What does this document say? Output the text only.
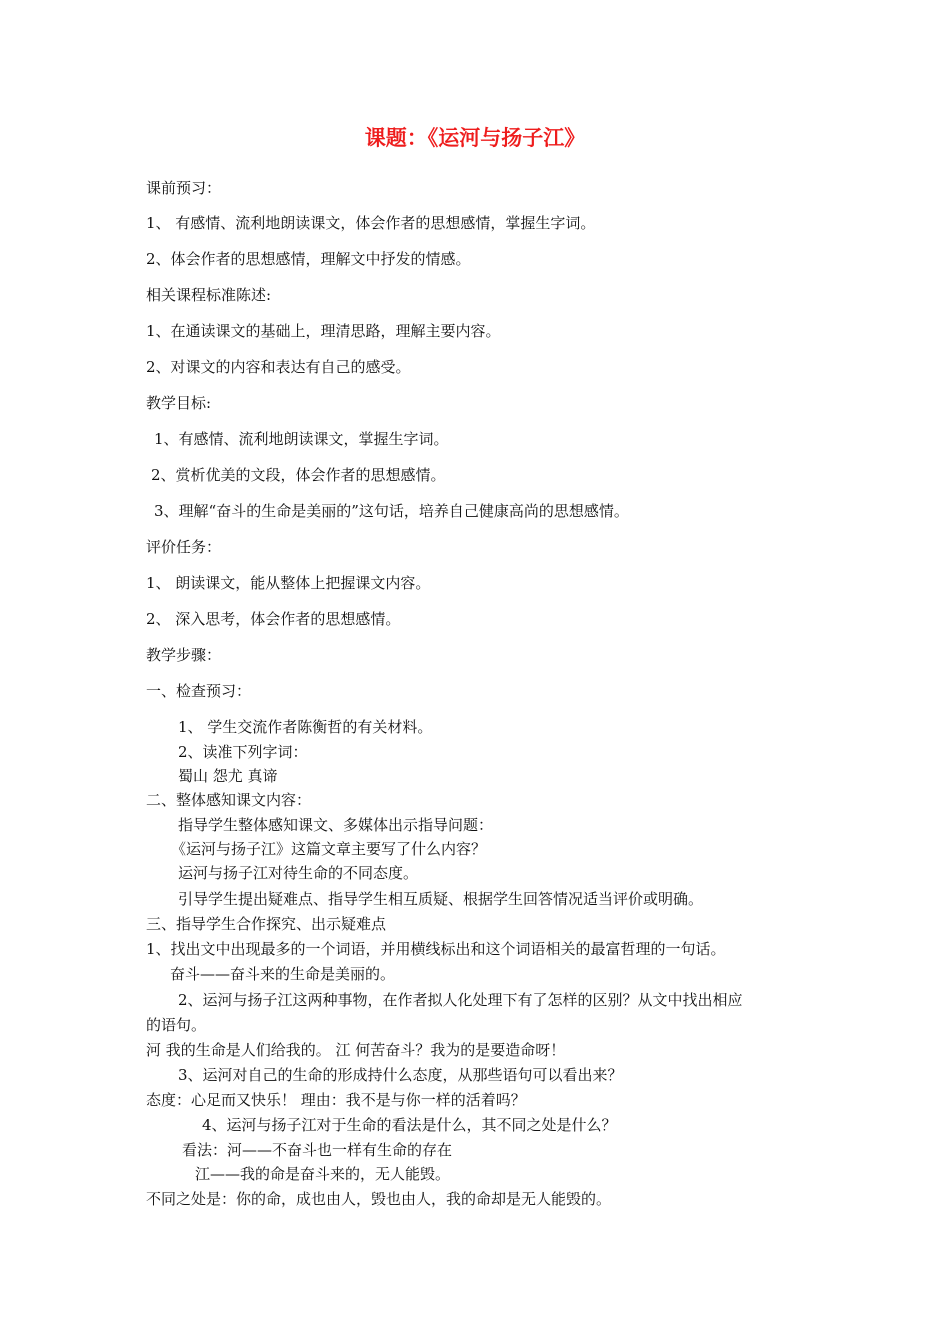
课题：《运河与扬子江》
课前预习：
1、 有感情、流利地朗读课文，体会作者的思想感情，掌握生字词。
2、体会作者的思想感情，理解文中抒发的情感。
相关课程标准陈述:
1、在通读课文的基础上，理清思路，理解主要内容。
2、对课文的内容和表达有自己的感受。
教学目标:
1、有感情、流利地朗读课文，掌握生字词。
2、赏析优美的文段，体会作者的思想感情。
3、理解“奋斗的生命是美丽的”这句话，培养自己健康高尚的思想感情。
评价任务：
1、 朗读课文，能从整体上把握课文内容。
2、 深入思考，体会作者的思想感情。
教学步骤：
一、检查预习：
1、 学生交流作者陈衡哲的有关材料。
2、读准下列字词：
蜀山 怨尤 真谛
二、整体感知课文内容：
指导学生整体感知课文、多媒体出示指导问题：
《运河与扬子江》这篇文章主要写了什么内容？
运河与扬子江对待生命的不同态度。
引导学生提出疑难点、指导学生相互质疑、根据学生回答情况适当评价或明确。
三、指导学生合作探究、出示疑难点
1、找出文中出现最多的一个词语，并用横线标出和这个词语相关的最富哲理的一句话。
奋斗——奋斗来的生命是美丽的。
2、运河与扬子江这两种事物，在作者拟人化处理下有了怎样的区别？从文中找出相应
的语句。
河 我的生命是人们给我的。 江 何苦奋斗？我为的是要造命呀！
3、运河对自己的生命的形成持什么态度，从那些语句可以看出来？
态度：心足而又快乐！ 理由：我不是与你一样的活着吗？
4、运河与扬子江对于生命的看法是什么，其不同之处是什么？
看法：河——不奋斗也一样有生命的存在
江——我的命是奋斗来的，无人能毁。
不同之处是：你的命，成也由人，毁也由人，我的命却是无人能毁的。
